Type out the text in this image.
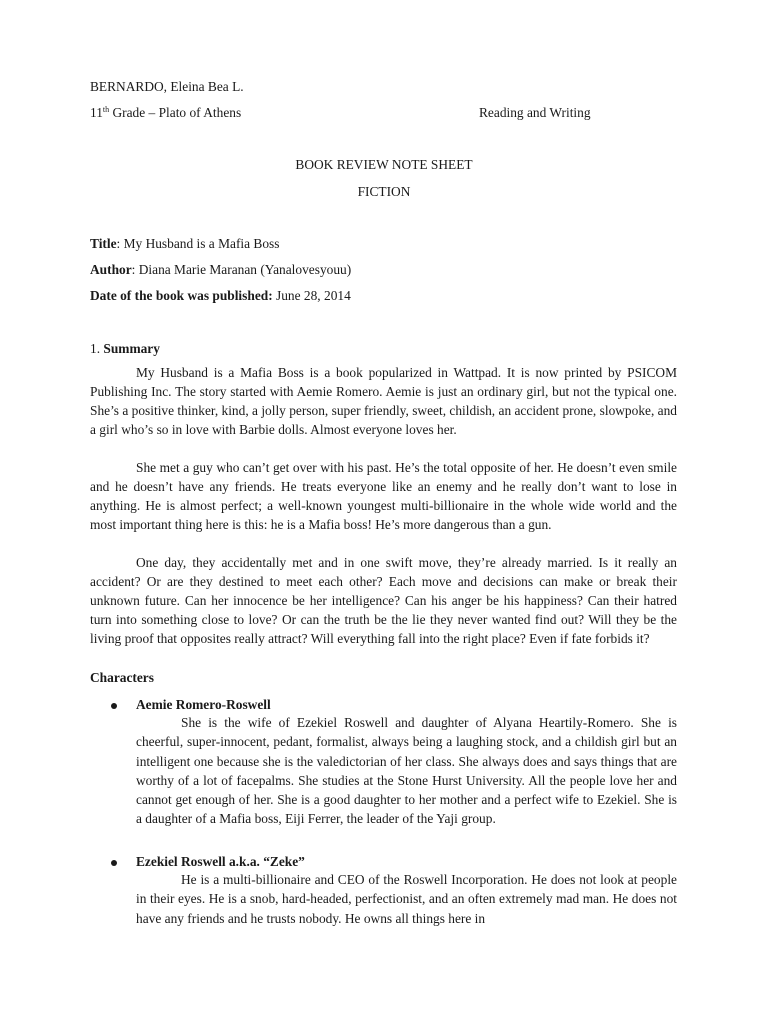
BERNARDO, Eleina Bea L.
11th Grade – Plato of Athens	Reading and Writing
BOOK REVIEW NOTE SHEET
FICTION
Title: My Husband is a Mafia Boss
Author: Diana Marie Maranan (Yanalovesyouu)
Date of the book was published: June 28, 2014
1. Summary

My Husband is a Mafia Boss is a book popularized in Wattpad. It is now printed by PSICOM Publishing Inc. The story started with Aemie Romero. Aemie is just an ordinary girl, but not the typical one. She’s a positive thinker, kind, a jolly person, super friendly, sweet, childish, an accident prone, slowpoke, and a girl who’s so in love with Barbie dolls. Almost everyone loves her.

She met a guy who can’t get over with his past. He’s the total opposite of her. He doesn’t even smile and he doesn’t have any friends. He treats everyone like an enemy and he really don’t want to lose in anything. He is almost perfect; a well-known youngest multi-billionaire in the whole wide world and the most important thing here is this: he is a Mafia boss! He’s more dangerous than a gun.

One day, they accidentally met and in one swift move, they’re already married. Is it really an accident? Or are they destined to meet each other? Each move and decisions can make or break their unknown future. Can her innocence be her intelligence? Can his anger be his happiness? Can their hatred turn into something close to love? Or can the truth be the lie they never wanted find out? Will they be the living proof that opposites really attract? Will everything fall into the right place? Even if fate forbids it?

Characters
Aemie Romero-Roswell

She is the wife of Ezekiel Roswell and daughter of Alyana Heartily-Romero. She is cheerful, super-innocent, pedant, formalist, always being a laughing stock, and a childish girl but an intelligent one because she is the valedictorian of her class. She always does and says things that are worthy of a lot of facepalms. She studies at the Stone Hurst University. All the people love her and cannot get enough of her. She is a good daughter to her mother and a perfect wife to Ezekiel. She is a daughter of a Mafia boss, Eiji Ferrer, the leader of the Yaji group.

Ezekiel Roswell a.k.a. “Zeke”

He is a multi-billionaire and CEO of the Roswell Incorporation. He does not look at people in their eyes. He is a snob, hard-headed, perfectionist, and an often extremely mad man. He does not have any friends and he trusts nobody. He owns all things here in
